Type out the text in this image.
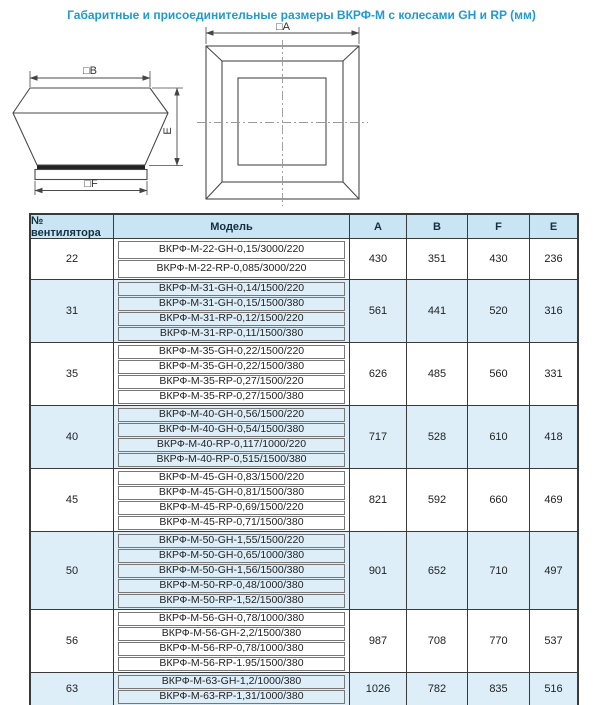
Габаритные и присоединительные размеры ВКРФ-М с колесами GH и RP (мм)
□B
□F
E
□A
№ вентилятора	Модель	A	B	F	E
22
ВКРФ-М-22-GH-0,15/3000/220
ВКРФ-М-22-RP-0,085/3000/220
430	351	430	236
31
ВКРФ-М-31-GH-0,14/1500/220
ВКРФ-М-31-GH-0,15/1500/380
ВКРФ-М-31-RP-0,12/1500/220
ВКРФ-М-31-RP-0,11/1500/380
561	441	520	316
35
ВКРФ-М-35-GH-0,22/1500/220
ВКРФ-М-35-GH-0,22/1500/380
ВКРФ-М-35-RP-0,27/1500/220
ВКРФ-М-35-RP-0,27/1500/380
626	485	560	331
40
ВКРФ-М-40-GH-0,56/1500/220
ВКРФ-М-40-GH-0,54/1500/380
ВКРФ-М-40-RP-0,117/1000/220
ВКРФ-М-40-RP-0,515/1500/380
717	528	610	418
45
ВКРФ-М-45-GH-0,83/1500/220
ВКРФ-М-45-GH-0,81/1500/380
ВКРФ-М-45-RP-0,69/1500/220
ВКРФ-М-45-RP-0,71/1500/380
821	592	660	469
50
ВКРФ-М-50-GH-1,55/1500/220
ВКРФ-М-50-GH-0,65/1000/380
ВКРФ-М-50-GH-1,56/1500/380
ВКРФ-М-50-RP-0,48/1000/380
ВКРФ-М-50-RP-1,52/1500/380
901	652	710	497
56
ВКРФ-М-56-GH-0,78/1000/380
ВКРФ-М-56-GH-2,2/1500/380
ВКРФ-М-56-RP-0,78/1000/380
ВКРФ-М-56-RP-1.95/1500/380
987	708	770	537
63
ВКРФ-М-63-GH-1,2/1000/380
ВКРФ-М-63-RP-1,31/1000/380
1026	782	835	516
